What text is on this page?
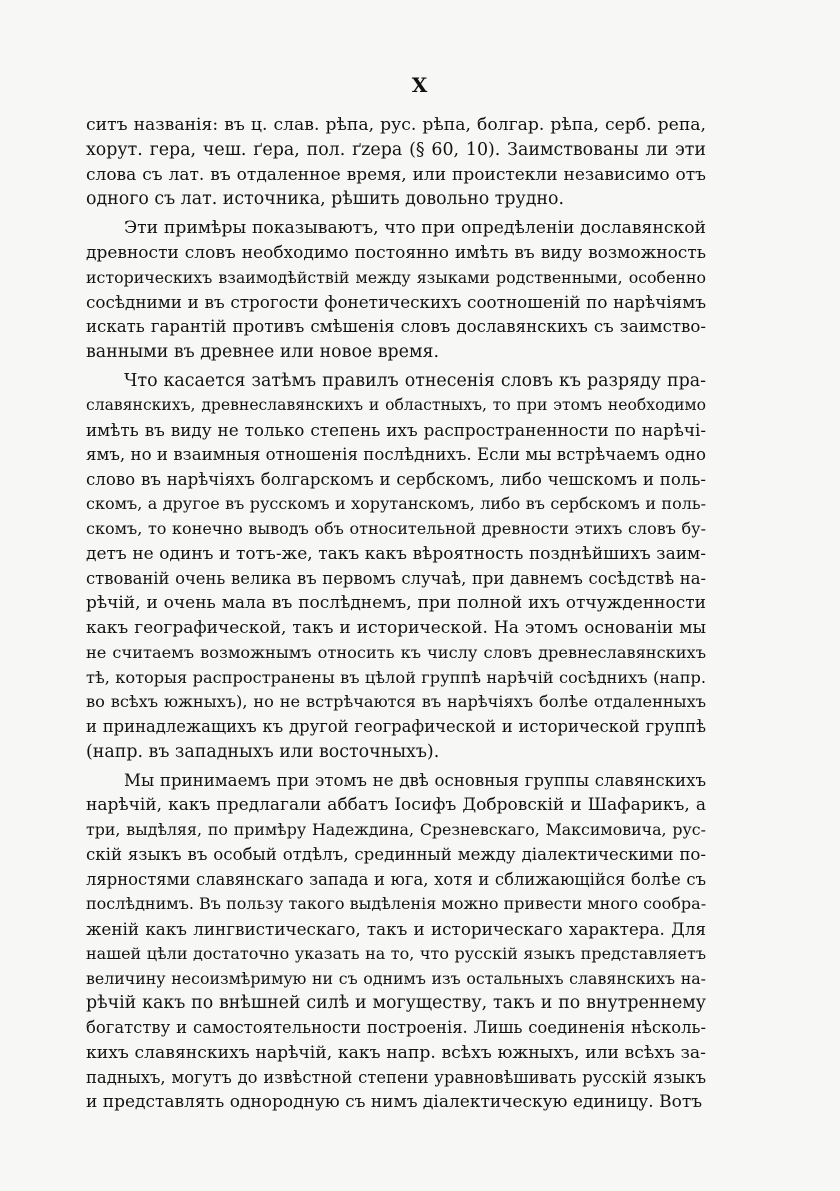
X
ситъ названія: въ ц. слав. рѣпа, рус. рѣпа, болгар. рѣпа, серб. репа,
хорут. гера, чеш. ґера, пол. ґzера (§ 60, 10). Заимствованы ли эти
слова съ лат. въ отдаленное время, или проистекли независимо отъ
одного съ лат. источника, рѣшить довольно трудно.
Эти примѣры показываютъ, что при опредѣленіи дославянской
древности словъ необходимо постоянно имѣть въ виду возможность
историческихъ взаимодѣйствій между языками родственными, особенно
сосѣдними и въ строгости фонетическихъ соотношеній по нарѣчіямъ
искать гарантій противъ смѣшенія словъ дославянскихъ съ заимство-
ванными въ древнее или новое время.
Что касается затѣмъ правилъ отнесенія словъ къ разряду пра-
славянскихъ, древнеславянскихъ и областныхъ, то при этомъ необходимо
имѣть въ виду не только степень ихъ распространенности по нарѣчі-
ямъ, но и взаимныя отношенія послѣднихъ. Если мы встрѣчаемъ одно
слово въ нарѣчіяхъ болгарскомъ и сербскомъ, либо чешскомъ и поль-
скомъ, а другое въ русскомъ и хорутанскомъ, либо въ сербскомъ и поль-
скомъ, то конечно выводъ объ относительной древности этихъ словъ бу-
детъ не одинъ и тотъ-же, такъ какъ вѣроятность позднѣйшихъ заим-
ствованій очень велика въ первомъ случаѣ, при давнемъ сосѣдствѣ на-
рѣчій, и очень мала въ послѣднемъ, при полной ихъ отчужденности
какъ географической, такъ и исторической. На этомъ основаніи мы
не считаемъ возможнымъ относить къ числу словъ древнеславянскихъ
тѣ, которыя распространены въ цѣлой группѣ нарѣчій сосѣднихъ (напр.
во всѣхъ южныхъ), но не встрѣчаются въ нарѣчіяхъ болѣе отдаленныхъ
и принадлежащихъ къ другой географической и исторической группѣ
(напр. въ западныхъ или восточныхъ).
Мы принимаемъ при этомъ не двѣ основныя группы славянскихъ
нарѣчій, какъ предлагали аббатъ Іосифъ Добровскій и Шафарикъ, а
три, выдѣляя, по примѣру Надеждина, Срезневскаго, Максимовича, рус-
скій языкъ въ особый отдѣлъ, срединный между діалектическими по-
лярностями славянскаго запада и юга, хотя и сближающійся болѣе съ
послѣднимъ. Въ пользу такого выдѣленія можно привести много сообра-
женій какъ лингвистическаго, такъ и историческаго характера. Для
нашей цѣли достаточно указать на то, что русскій языкъ представляетъ
величину несоизмѣримую ни съ однимъ изъ остальныхъ славянскихъ на-
рѣчій какъ по внѣшней силѣ и могуществу, такъ и по внутреннему
богатству и самостоятельности построенія. Лишь соединенія нѣсколь-
кихъ славянскихъ нарѣчій, какъ напр. всѣхъ южныхъ, или всѣхъ за-
падныхъ, могутъ до извѣстной степени уравновѣшивать русскій языкъ
и представлять однородную съ нимъ діалектическую единицу. Вотъ
